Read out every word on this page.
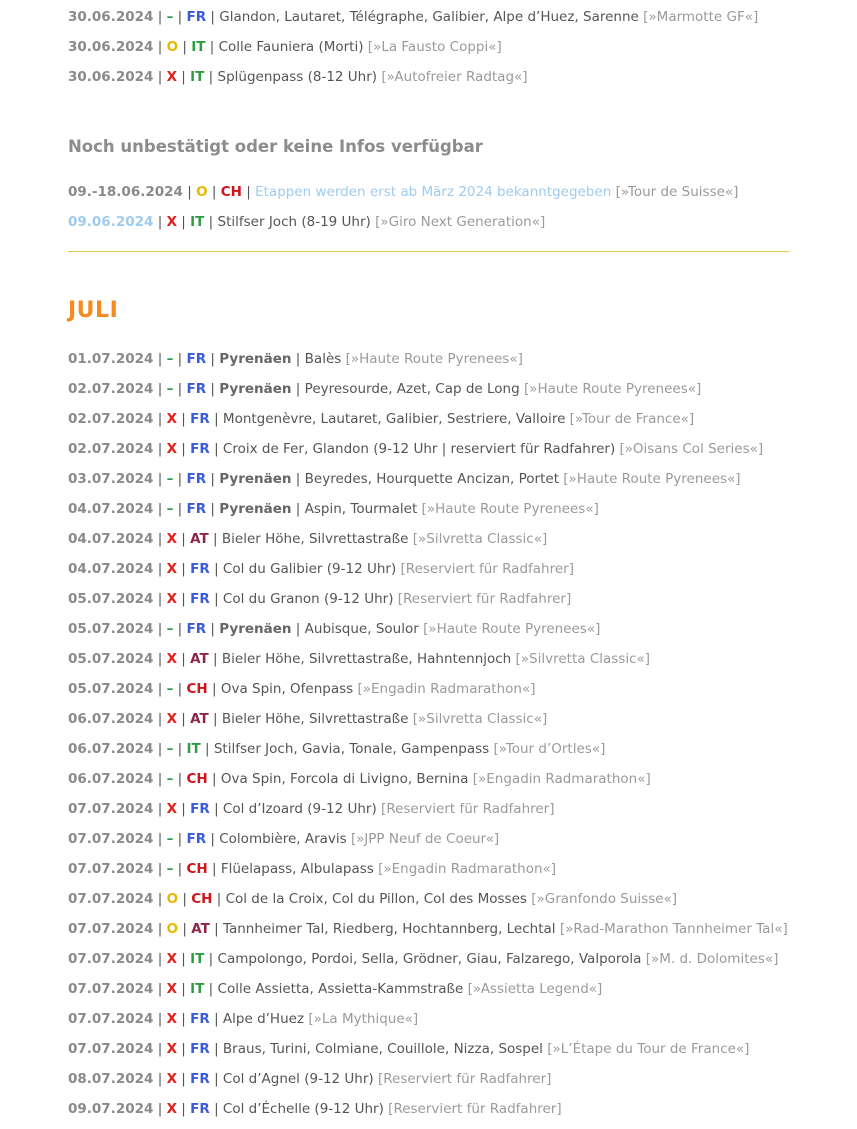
30.06.2024 | – | FR | Glandon, Lautaret, Télégraphe, Galibier, Alpe d’Huez, Sarenne [»Marmotte GF«]
30.06.2024 | O | IT | Colle Fauniera (Morti) [»La Fausto Coppi«]
30.06.2024 | X | IT | Splügenpass (8-12 Uhr) [»Autofreier Radtag«]
Noch unbestätigt oder keine Infos verfügbar
09.-18.06.2024 | O | CH | Etappen werden erst ab März 2024 bekanntgegeben [»Tour de Suisse«]
09.06.2024 | X | IT | Stilfser Joch (8-19 Uhr) [»Giro Next Generation«]
JULI
01.07.2024 | – | FR | Pyrenäen | Balès [»Haute Route Pyrenees«]
02.07.2024 | – | FR | Pyrenäen | Peyresourde, Azet, Cap de Long [»Haute Route Pyrenees«]
02.07.2024 | X | FR | Montgenèvre, Lautaret, Galibier, Sestriere, Valloire [»Tour de France«]
02.07.2024 | X | FR | Croix de Fer, Glandon (9-12 Uhr | reserviert für Radfahrer) [»Oisans Col Series«]
03.07.2024 | – | FR | Pyrenäen | Beyredes, Hourquette Ancizan, Portet [»Haute Route Pyrenees«]
04.07.2024 | – | FR | Pyrenäen | Aspin, Tourmalet [»Haute Route Pyrenees«]
04.07.2024 | X | AT | Bieler Höhe, Silvrettastraße [»Silvretta Classic«]
04.07.2024 | X | FR | Col du Galibier (9-12 Uhr) [Reserviert für Radfahrer]
05.07.2024 | X | FR | Col du Granon (9-12 Uhr) [Reserviert für Radfahrer]
05.07.2024 | – | FR | Pyrenäen | Aubisque, Soulor [»Haute Route Pyrenees«]
05.07.2024 | X | AT | Bieler Höhe, Silvrettastraße, Hahntennjoch [»Silvretta Classic«]
05.07.2024 | – | CH | Ova Spin, Ofenpass [»Engadin Radmarathon«]
06.07.2024 | X | AT | Bieler Höhe, Silvrettastraße [»Silvretta Classic«]
06.07.2024 | – | IT | Stilfser Joch, Gavia, Tonale, Gampenpass [»Tour d’Ortles«]
06.07.2024 | – | CH | Ova Spin, Forcola di Livigno, Bernina [»Engadin Radmarathon«]
07.07.2024 | X | FR | Col d’Izoard (9-12 Uhr) [Reserviert für Radfahrer]
07.07.2024 | – | FR | Colombière, Aravis [»JPP Neuf de Coeur«]
07.07.2024 | – | CH | Flüelapass, Albulapass [»Engadin Radmarathon«]
07.07.2024 | O | CH | Col de la Croix, Col du Pillon, Col des Mosses [»Granfondo Suisse«]
07.07.2024 | O | AT | Tannheimer Tal, Riedberg, Hochtannberg, Lechtal [»Rad-Marathon Tannheimer Tal«]
07.07.2024 | X | IT | Campolongo, Pordoi, Sella, Grödner, Giau, Falzarego, Valporola [»M. d. Dolomites«]
07.07.2024 | X | IT | Colle Assietta, Assietta-Kammstraße [»Assietta Legend«]
07.07.2024 | X | FR | Alpe d’Huez [»La Mythique«]
07.07.2024 | X | FR | Braus, Turini, Colmiane, Couillole, Nizza, Sospel [»L’Étape du Tour de France«]
08.07.2024 | X | FR | Col d’Agnel (9-12 Uhr) [Reserviert für Radfahrer]
09.07.2024 | X | FR | Col d’Échelle (9-12 Uhr) [Reserviert für Radfahrer]
